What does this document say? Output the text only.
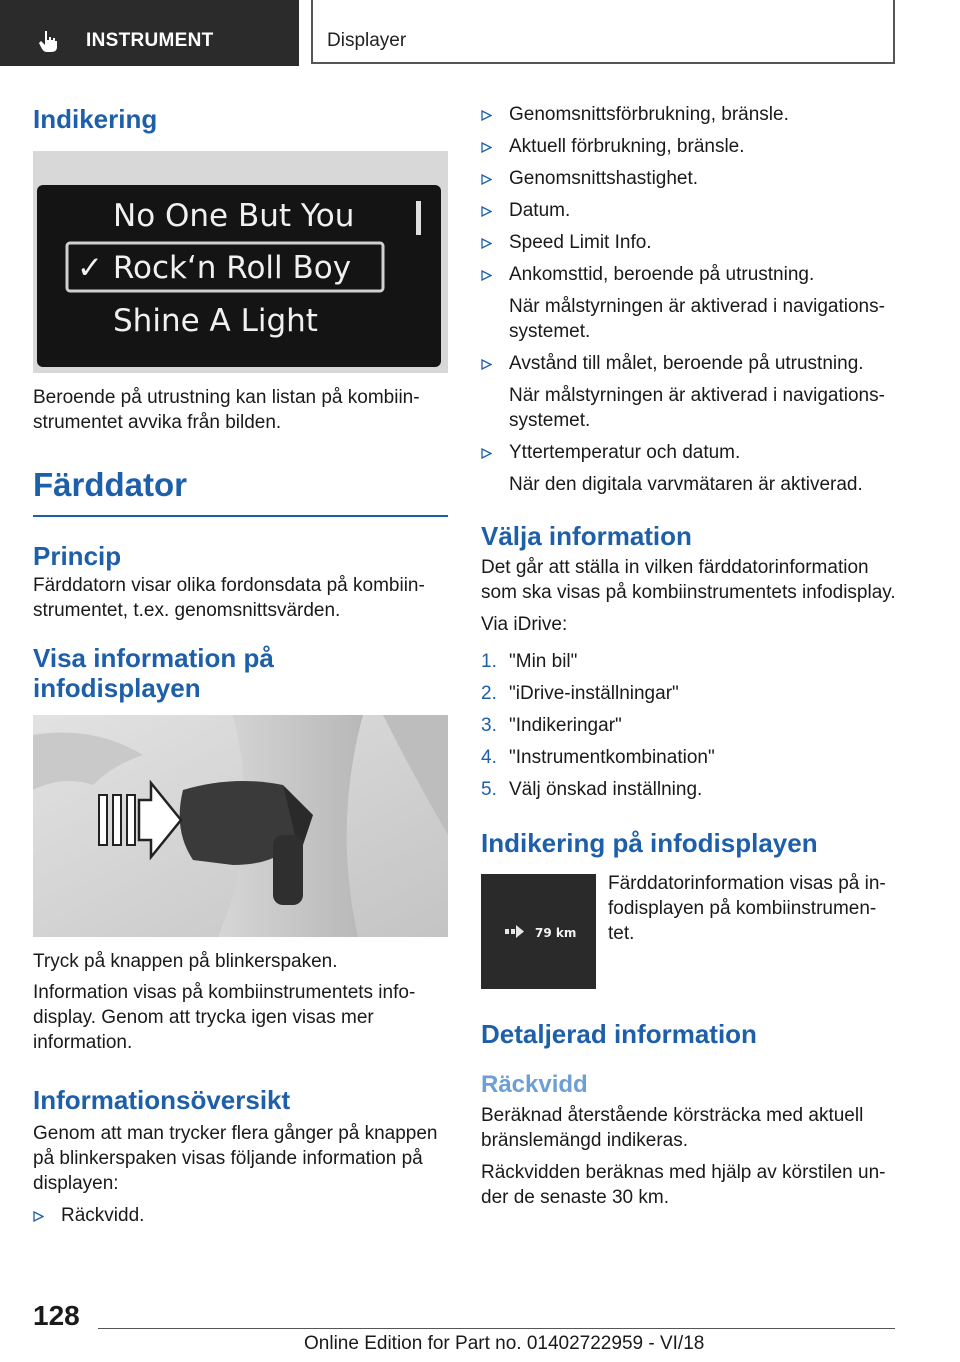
INSTRUMENT	Displayer
Indikering
No One But You
✓ Rock‘n Roll Boy
Shine A Light

Beroende på utrustning kan listan på kombiinstrumentet avvika från bilden.

Färddator
Princip

Färddatorn visar olika fordonsdata på kombiinstrumentet, t.ex. genomsnittsvärden.

Visa information på infodisplayen

Tryck på knappen på blinkerspaken.

Information visas på kombiinstrumentets infodisplay. Genom att trycka igen visas mer information.

Informationsöversikt

Genom att man trycker flera gånger på knappen på blinkerspaken visas följande information på displayen:

Räckvidd.
Genomsnittsförbrukning, bränsle.
Aktuell förbrukning, bränsle.
Genomsnittshastighet.
Datum.
Speed Limit Info.
Ankomsttid, beroende på utrustning.

När målstyrningen är aktiverad i navigationssystemet.

Avstånd till målet, beroende på utrustning.

När målstyrningen är aktiverad i navigationssystemet.

Yttertemperatur och datum.

När den digitala varvmätaren är aktiverad.

Välja information

Det går att ställa in vilken färddatorinformation som ska visas på kombiinstrumentets infodisplay.

Via iDrive:

1. "Min bil"
2. "iDrive-inställningar"
3. "Indikeringar"
4. "Instrumentkombination"
5. Välj önskad inställning.
Indikering på infodisplayen
79 km

Färddatorinformation visas på infodisplayen på kombiinstrumentet.

Detaljerad information
Räckvidd

Beräknad återstående körsträcka med aktuell bränslemängd indikeras.

Räckvidden beräknas med hjälp av körstilen under de senaste 30 km.

128
Online Edition for Part no. 01402722959 - VI/18
